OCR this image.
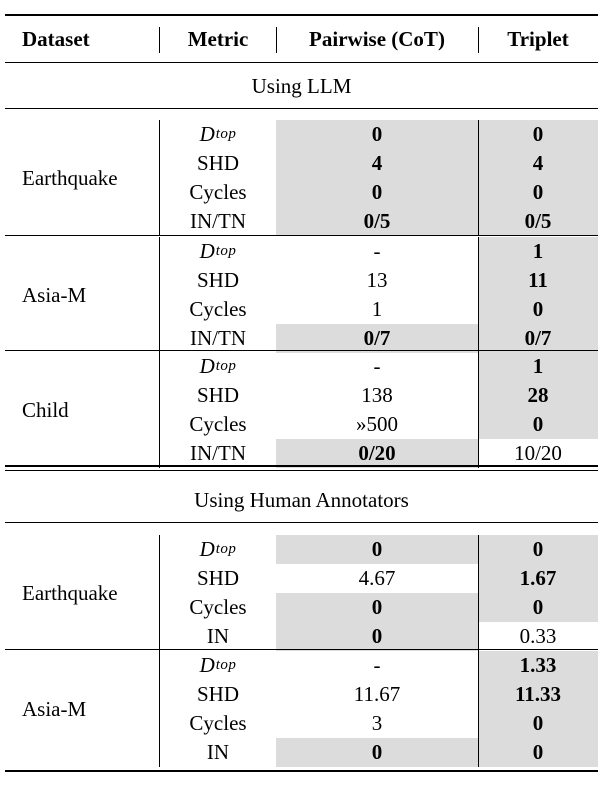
Dataset	Metric	Pairwise (CoT)	Triplet
Using LLM
Earthquake
D top	0	0
SHD	4	4
Cycles	0	0
IN/TN	0/5	0/5
Asia-M
D top	-	1
SHD	13	11
Cycles	1	0
IN/TN	0/7	0/7
Child
D top	-	1
SHD	138	28
Cycles	»500	0
IN/TN	0/20	10/20
Using Human Annotators
Earthquake
D top	0	0
SHD	4.67	1.67
Cycles	0	0
IN	0	0.33
Asia-M
D top	-	1.33
SHD	11.67	11.33
Cycles	3	0
IN	0	0
